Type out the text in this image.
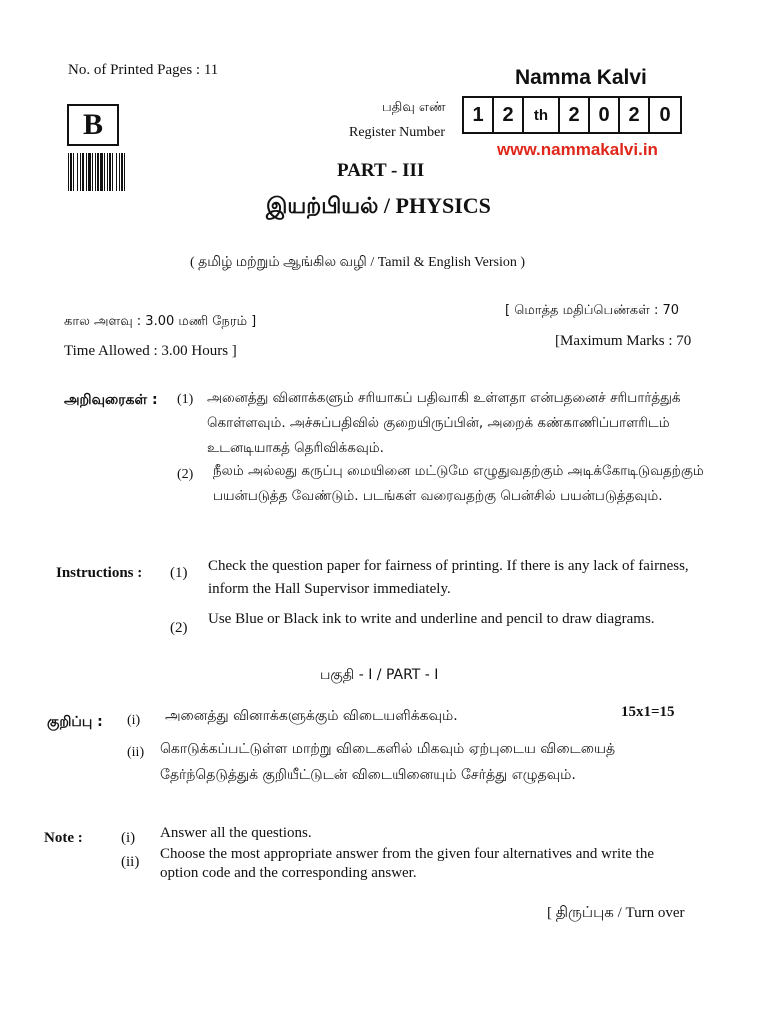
No. of Printed Pages : 11	Namma Kalvi
www.nammakalvi.in
B
பதிவு எண்
Register Number
1 2	th	2 0 2 0
PART - III
இயற்பியல் / PHYSICS
( தமிழ் மற்றும் ஆங்கில வழி / Tamil & English Version )
கால அளவு : 3.00 மணி நேரம் ]
Time Allowed : 3.00 Hours ]
[ மொத்த மதிப்பெண்கள் : 70
[Maximum Marks : 70
அறிவுரைகள் : (1) அனைத்து வினாக்களும் சரியாகப் பதிவாகி உள்ளதா என்பதனைச் சரிபார்த்துக் கொள்ளவும். அச்சுப்பதிவில் குறையிருப்பின், அறைக் கண்காணிப்பாளரிடம் உடனடியாகத் தெரிவிக்கவும்.
(2) நீலம் அல்லது கருப்பு மையினை மட்டுமே எழுதுவதற்கும் அடிக்கோடிடுவதற்கும் பயன்படுத்த வேண்டும். படங்கள் வரைவதற்கு பென்சில் பயன்படுத்தவும்.
Instructions : (1) Check the question paper for fairness of printing. If there is any lack of fairness, inform the Hall Supervisor immediately.
(2)
Use Blue or Black ink to write and underline and pencil to draw diagrams.
பகுதி - I / PART - I
குறிப்பு : (i) அனைத்து வினாக்களுக்கும் விடையளிக்கவும்.	15x1=15
(ii) கொடுக்கப்பட்டுள்ள மாற்று விடைகளில் மிகவும் ஏற்புடைய விடையைத் தேர்ந்தெடுத்துக் குறியீட்டுடன் விடையினையும் சேர்த்து எழுதவும்.
Note :	(i) Answer all the questions.
(ii) Choose the most appropriate answer from the given four alternatives and write the option code and the corresponding answer.
[ திருப்புக / Turn over
